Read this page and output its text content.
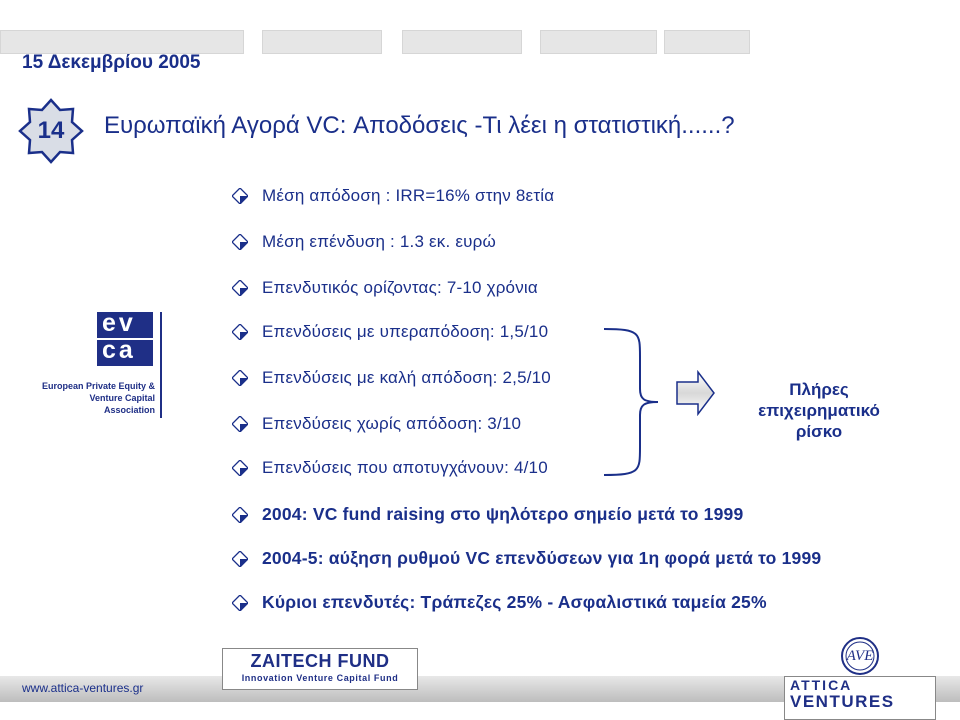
15 Δεκεμβρίου 2005
14	Ευρωπαϊκή Αγορά VC: Αποδόσεις -Τι λέει η στατιστική......?
Μέση απόδοση : IRR=16% στην 8ετία
Μέση επένδυση : 1.3 εκ. ευρώ
Επενδυτικός ορίζοντας: 7-10 χρόνια
Επενδύσεις με υπεραπόδοση: 1,5/10
Επενδύσεις με καλή απόδοση: 2,5/10
Επενδύσεις χωρίς απόδοση: 3/10
Επενδύσεις που αποτυγχάνουν: 4/10
2004: VC fund raising στο ψηλότερο σημείο μετά το 1999
2004-5: αύξηση ρυθμού VC επενδύσεων για 1η φορά μετά το 1999
Κύριοι επενδυτές: Τράπεζες 25% - Ασφαλιστικά ταμεία 25%
ev
ca
European Private Equity &
Venture Capital
Association
Πλήρες
επιχειρηματικό
ρίσκο
www.attica-ventures.gr
ZAITECH FUND
Innovation Venture Capital Fund
AVE
ATTICA
VENTURES
